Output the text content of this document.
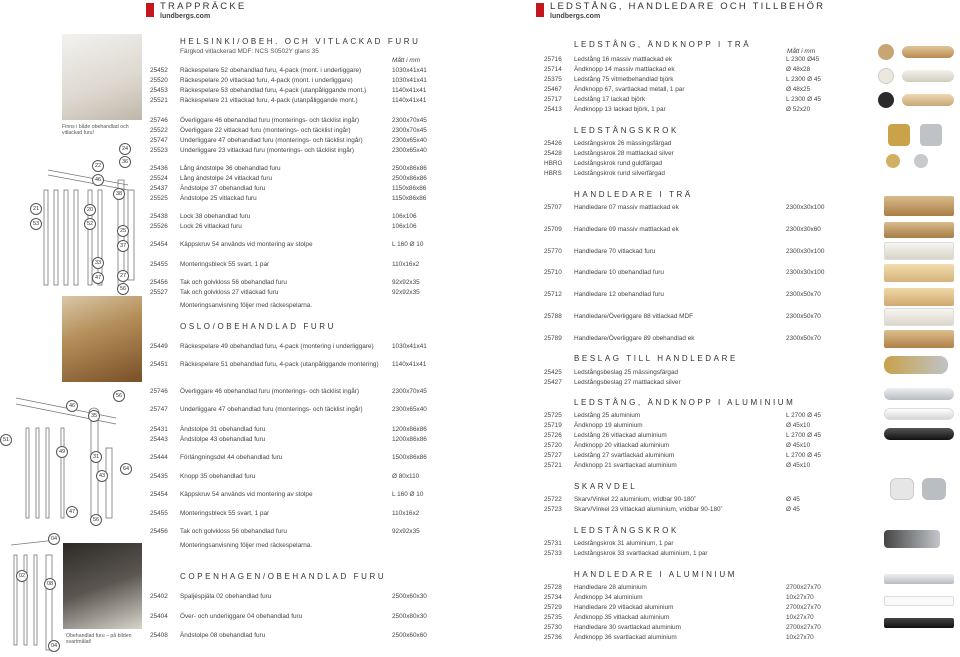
TRAPPRÄCKE
lundbergs.com
Finns i både obehandlad och vitlackad furu!
Obehandlad furu – på bilden svartmålat!
22
36
24
46
38
21	20
53	52
25
37
33
47	27
56
46
35
56
51
49
31
43
64
47
56
04
02
08
04
HELSINKI/OBEH. OCH VITLACKAD FURU
Färgkod vitlackerad MDF: NCS S0502Y glans 35
Mått i mm
25452 Räckespelare 52 obehandlad furu, 4-pack (mont. i underliggare)	1030x41x41
25520 Räckespelare 20 vitlackad furu, 4-pack (mont. i underliggare)	1030x41x41
25453 Räckespelare 53 obehandlad furu, 4-pack (utanpåliggande mont.)	1140x41x41
25521 Räckespelare 21 vitlackad furu, 4-pack (utanpåliggande mont.)	1140x41x41
25746 Överliggare 46 obehandlad furu (monterings- och täcklist ingår)	2300x70x45
25522 Överliggare 22 vitlackad furu (monterings- och täcklist ingår)	2300x70x45
25747 Underliggare 47 obehandlad furu (monterings- och täcklist ingår)	2300x65x40
25523 Underliggare 23 vitlackad furu (monterings- och täcklist ingår)	2300x65x40
25436 Lång ändstolpe 36 obehandlad furu	2500x86x86
25524 Lång ändstolpe 24 vitlackad furu	2500x86x86
25437 Ändstolpe 37 obehandlad furu	1150x86x86
25525 Ändstolpe 25 vitlackad furu	1150x86x86
25438 Lock 38 obehandlad furu	106x106
25526 Lock 26 vitlackad furu	106x106
25454 Käppskruv 54 används vid montering av stolpe	L 160 Ø 10
25455 Monteringsbleck 55 svart, 1 par	110x16x2
25456 Tak och golvkloss 56 obehandlad furu	92x92x35
25527 Tak och golvkloss 27 vitlackad furu	92x92x35
Monteringsanvisning följer med räckespelarna.
OSLO/OBEHANDLAD FURU
25449 Räckespelare 49 obehandlad furu, 4-pack (montering i underliggare)	1030x41x41
25451 Räckespelare 51 obehandlad furu, 4-pack (utanpåliggande montering)	1140x41x41
25746 Överliggare 46 obehandlad furu (monterings- och täcklist ingår)	2300x70x45
25747 Underliggare 47 obehandlad furu (monterings- och täcklist ingår)	2300x65x40
25431 Ändstolpe 31 obehandlad furu	1200x86x86
25443 Ändstolpe 43 obehandlad furu	1200x86x86
25444 Förlängningsdel 44 obehandlad furu	1500x86x86
25435 Knopp 35 obehandlad furu	Ø 80x110
25454 Käppskruv 54 används vid montering av stolpe	L 160 Ø 10
25455 Monteringsbleck 55 svart, 1 par	110x16x2
25456 Tak och golvkloss 56 obehandlad furu	92x92x35
Monteringsanvisning följer med räckespelarna.
COPENHAGEN/OBEHANDLAD FURU
25402 Spaljéspjäla 02 obehandlad furu	2500x60x30
25404 Över- och underliggare 04 obehandlad furu	2500x80x30
25408 Ändstolpe 08 obehandlad furu	2500x60x60
LEDSTÅNG, HANDLEDARE OCH TILLBEHÖR
lundbergs.com
LEDSTÅNG, ÄNDKNOPP I TRÄ
Mått i mm
25716 Ledstång 16 massiv mattlackad ek	L 2300 Ø45
25714 Ändknopp 14 massiv mattlackad ek	Ø 48x28
25375 Ledstång 75 vitmetbehandlad björk	L 2300 Ø 45
25467 Ändknopp 67, svartlackad metall, 1 par	Ø 48x25
25717 Ledstång 17 lackad björk	L 2300 Ø 45
25413 Ändknopp 13 lackad björk, 1 par	Ø 52x20
LEDSTÅNGSKROK
25426 Ledstångskrok 26 mässingsfärgad
25428 Ledstångskrok 28 mattlackad silver
HBRG Ledstångskrok rund guldfärgad
HBRS Ledstångskrok rund silverfärgad
HANDLEDARE I TRÄ
25707 Handledare 07 massiv mattlackad ek	2300x30x100
25709 Handledare 09 massiv mattlackad ek	2300x30x60
25770 Handledare 70 vitlackad furu	2300x30x100
25710 Handledare 10 obehandlad furu	2300x30x100
25712 Handledare 12 obehandlad furu	2300x50x70
25788 Handledare/Överliggare 88 vitlackad MDF	2300x50x70
25789 Handledare/Överliggare 89 obehandlad ek	2300x50x70
BESLAG TILL HANDLEDARE
25425 Ledstångsbeslag 25 mässingsfärgad
25427 Ledstångsbeslag 27 mattlackad silver
LEDSTÅNG, ÄNDKNOPP I ALUMINIUM
25725 Ledstång 25 aluminium	L 2700 Ø 45
25719 Ändknopp 19 aluminium	Ø 45x10
25726 Ledstång 26 vitlackad aluminium	L 2700 Ø 45
25720 Ändknopp 20 vitlackad aluminium	Ø 45x10
25727 Ledstång 27 svartlackad aluminium	L 2700 Ø 45
25721 Ändknopp 21 svartlackad aluminium	Ø 45x10
SKARVDEL
25722 Skarv/Vinkel 22 aluminium, vridbar 90-180˚	Ø 45
25723 Skarv/Vinkel 23 vitlackad aluminium, vridbar 90-180˚	Ø 45
LEDSTÅNGSKROK
25731 Ledstångskrok 31 aluminium, 1 par
25733 Ledstångskrok 33 svartlackad aluminium, 1 par
HANDLEDARE I ALUMINIUM
25728 Handledare 28 aluminium	2700x27x70
25734 Ändknopp 34 aluminium	10x27x70
25729 Handledare 29 vitlackad aluminium	2700x27x70
25735 Ändknopp 35 vitlackad aluminium	10x27x70
25730 Handledare 30 svartlackad aluminium	2700x27x70
25736 Ändknopp 36 svartlackad aluminium	10x27x70
